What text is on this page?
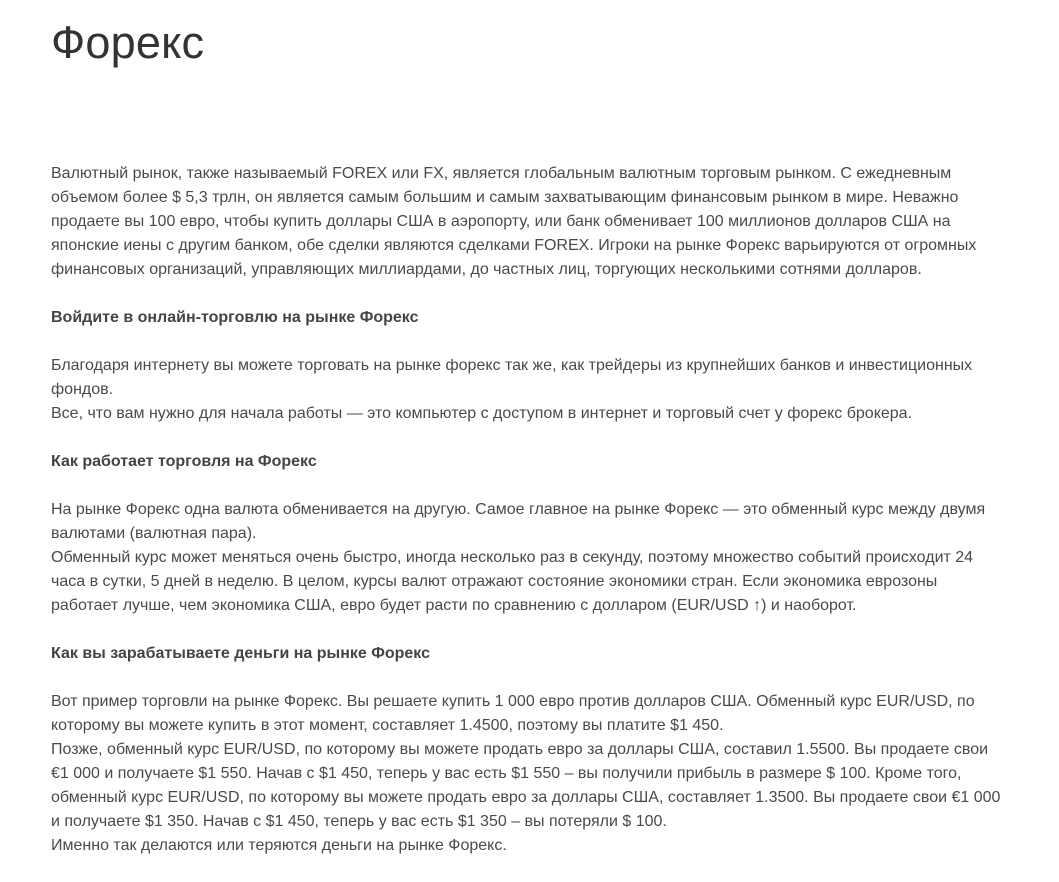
Форекс

Валютный рынок, также называемый FOREX или FX, является глобальным валютным торговым рынком. С ежедневным

объемом более $ 5,3 трлн, он является самым большим и самым захватывающим финансовым рынком в мире. Неважно

продаете вы 100 евро, чтобы купить доллары США в аэропорту, или банк обменивает 100 миллионов долларов США на

японские иены с другим банком, обе сделки являются сделками FOREX. Игроки на рынке Форекс варьируются от огромных

финансовых организаций, управляющих миллиардами, до частных лиц, торгующих несколькими сотнями долларов.

Войдите в онлайн-торговлю на рынке Форекс

Благодаря интернету вы можете торговать на рынке форекс так же, как трейдеры из крупнейших банков и инвестиционных

фондов.

Все, что вам нужно для начала работы — это компьютер с доступом в интернет и торговый счет у форекс брокера.

Как работает торговля на Форекс

На рынке Форекс одна валюта обменивается на другую. Самое главное на рынке Форекс — это обменный курс между двумя

валютами (валютная пара).

Обменный курс может меняться очень быстро, иногда несколько раз в секунду, поэтому множество событий происходит 24

часа в сутки, 5 дней в неделю. В целом, курсы валют отражают состояние экономики стран. Если экономика еврозоны

работает лучше, чем экономика США, евро будет расти по сравнению с долларом (EUR/USD ↑) и наоборот.

Как вы зарабатываете деньги на рынке Форекс

Вот пример торговли на рынке Форекс. Вы решаете купить 1 000 евро против долларов США. Обменный курс EUR/USD, по

которому вы можете купить в этот момент, составляет 1.4500, поэтому вы платите $1 450.

Позже, обменный курс EUR/USD, по которому вы можете продать евро за доллары США, составил 1.5500. Вы продаете свои

€1 000 и получаете $1 550. Начав с $1 450, теперь у вас есть $1 550 – вы получили прибыль в размере $ 100. Кроме того,

обменный курс EUR/USD, по которому вы можете продать евро за доллары США, составляет 1.3500. Вы продаете свои €1 000

и получаете $1 350. Начав с $1 450, теперь у вас есть $1 350 – вы потеряли $ 100.

Именно так делаются или теряются деньги на рынке Форекс.
